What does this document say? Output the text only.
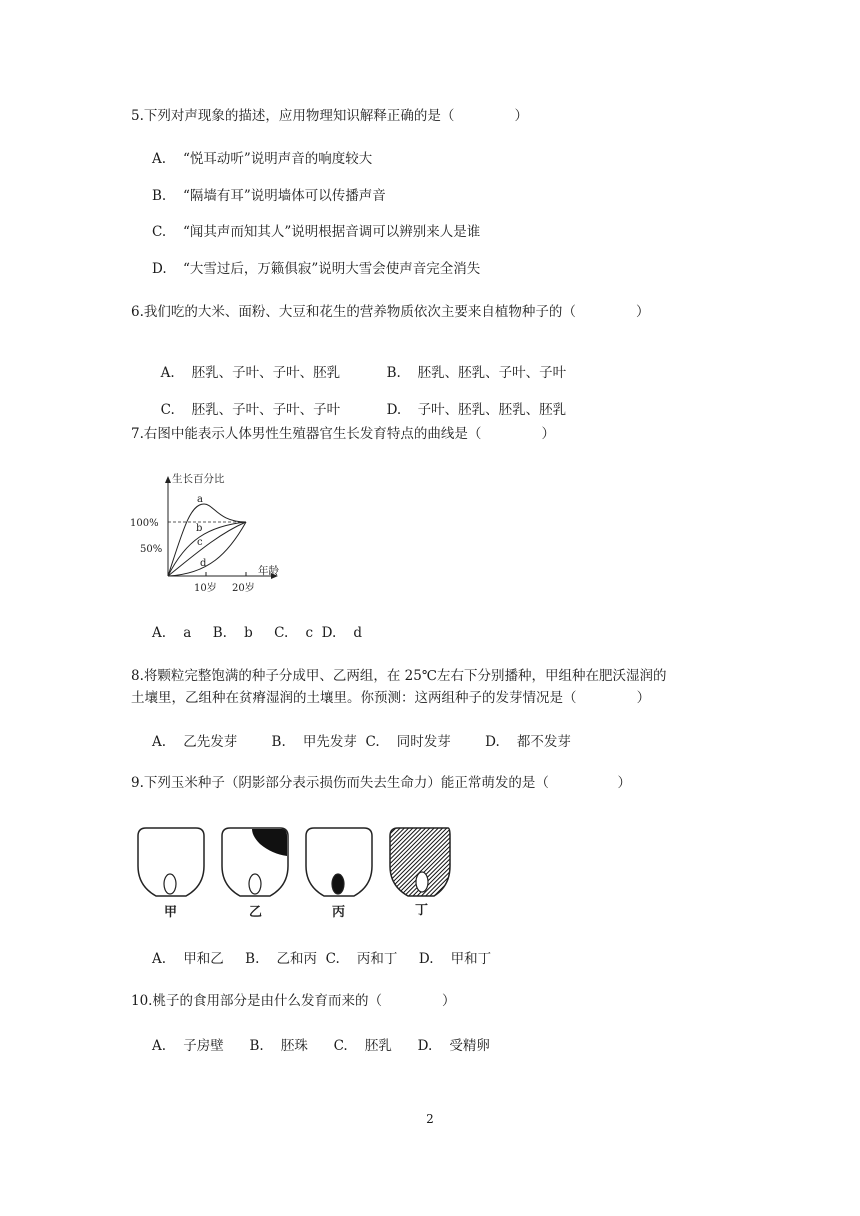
5.下列对声现象的描述，应用物理知识解释正确的是（              ）
A. “悦耳动听”说明声音的响度较大
B. “隔墙有耳”说明墙体可以传播声音
C. “闻其声而知其人”说明根据音调可以辨别来人是谁
D. “大雪过后，万籁俱寂”说明大雪会使声音完全消失
6.我们吃的大米、面粉、大豆和花生的营养物质依次主要来自植物种子的（              ）

A. 胚乳、子叶、子叶、胚乳	B. 胚乳、胚乳、子叶、子叶

C. 胚乳、子叶、子叶、子叶	D. 子叶、胚乳、胚乳、胚乳

7.右图中能表示人体男性生殖器官生长发育特点的曲线是（              ）
生长百分比
年龄
100%
50%
10岁 20岁
a
b
c
d
A.    a     B.    b     C.    c  D.    d
8.将颗粒完整饱满的种子分成甲、乙两组，在 25℃左右下分别播种，甲组种在肥沃湿润的
土壤里，乙组种在贫瘠湿润的土壤里。你预测：这两组种子的发芽情况是（              ）
A.    乙先发芽        B.    甲先发芽  C.    同时发芽        D.    都不发芽
9.下列玉米种子（阴影部分表示损伤而失去生命力）能正常萌发的是（                ）
甲	乙	丙	丁
A.    甲和乙     B.    乙和丙  C.    丙和丁     D.    甲和丁
10.桃子的食用部分是由什么发育而来的（              ）
A.    子房壁      B.    胚珠      C.    胚乳      D.    受精卵
2
